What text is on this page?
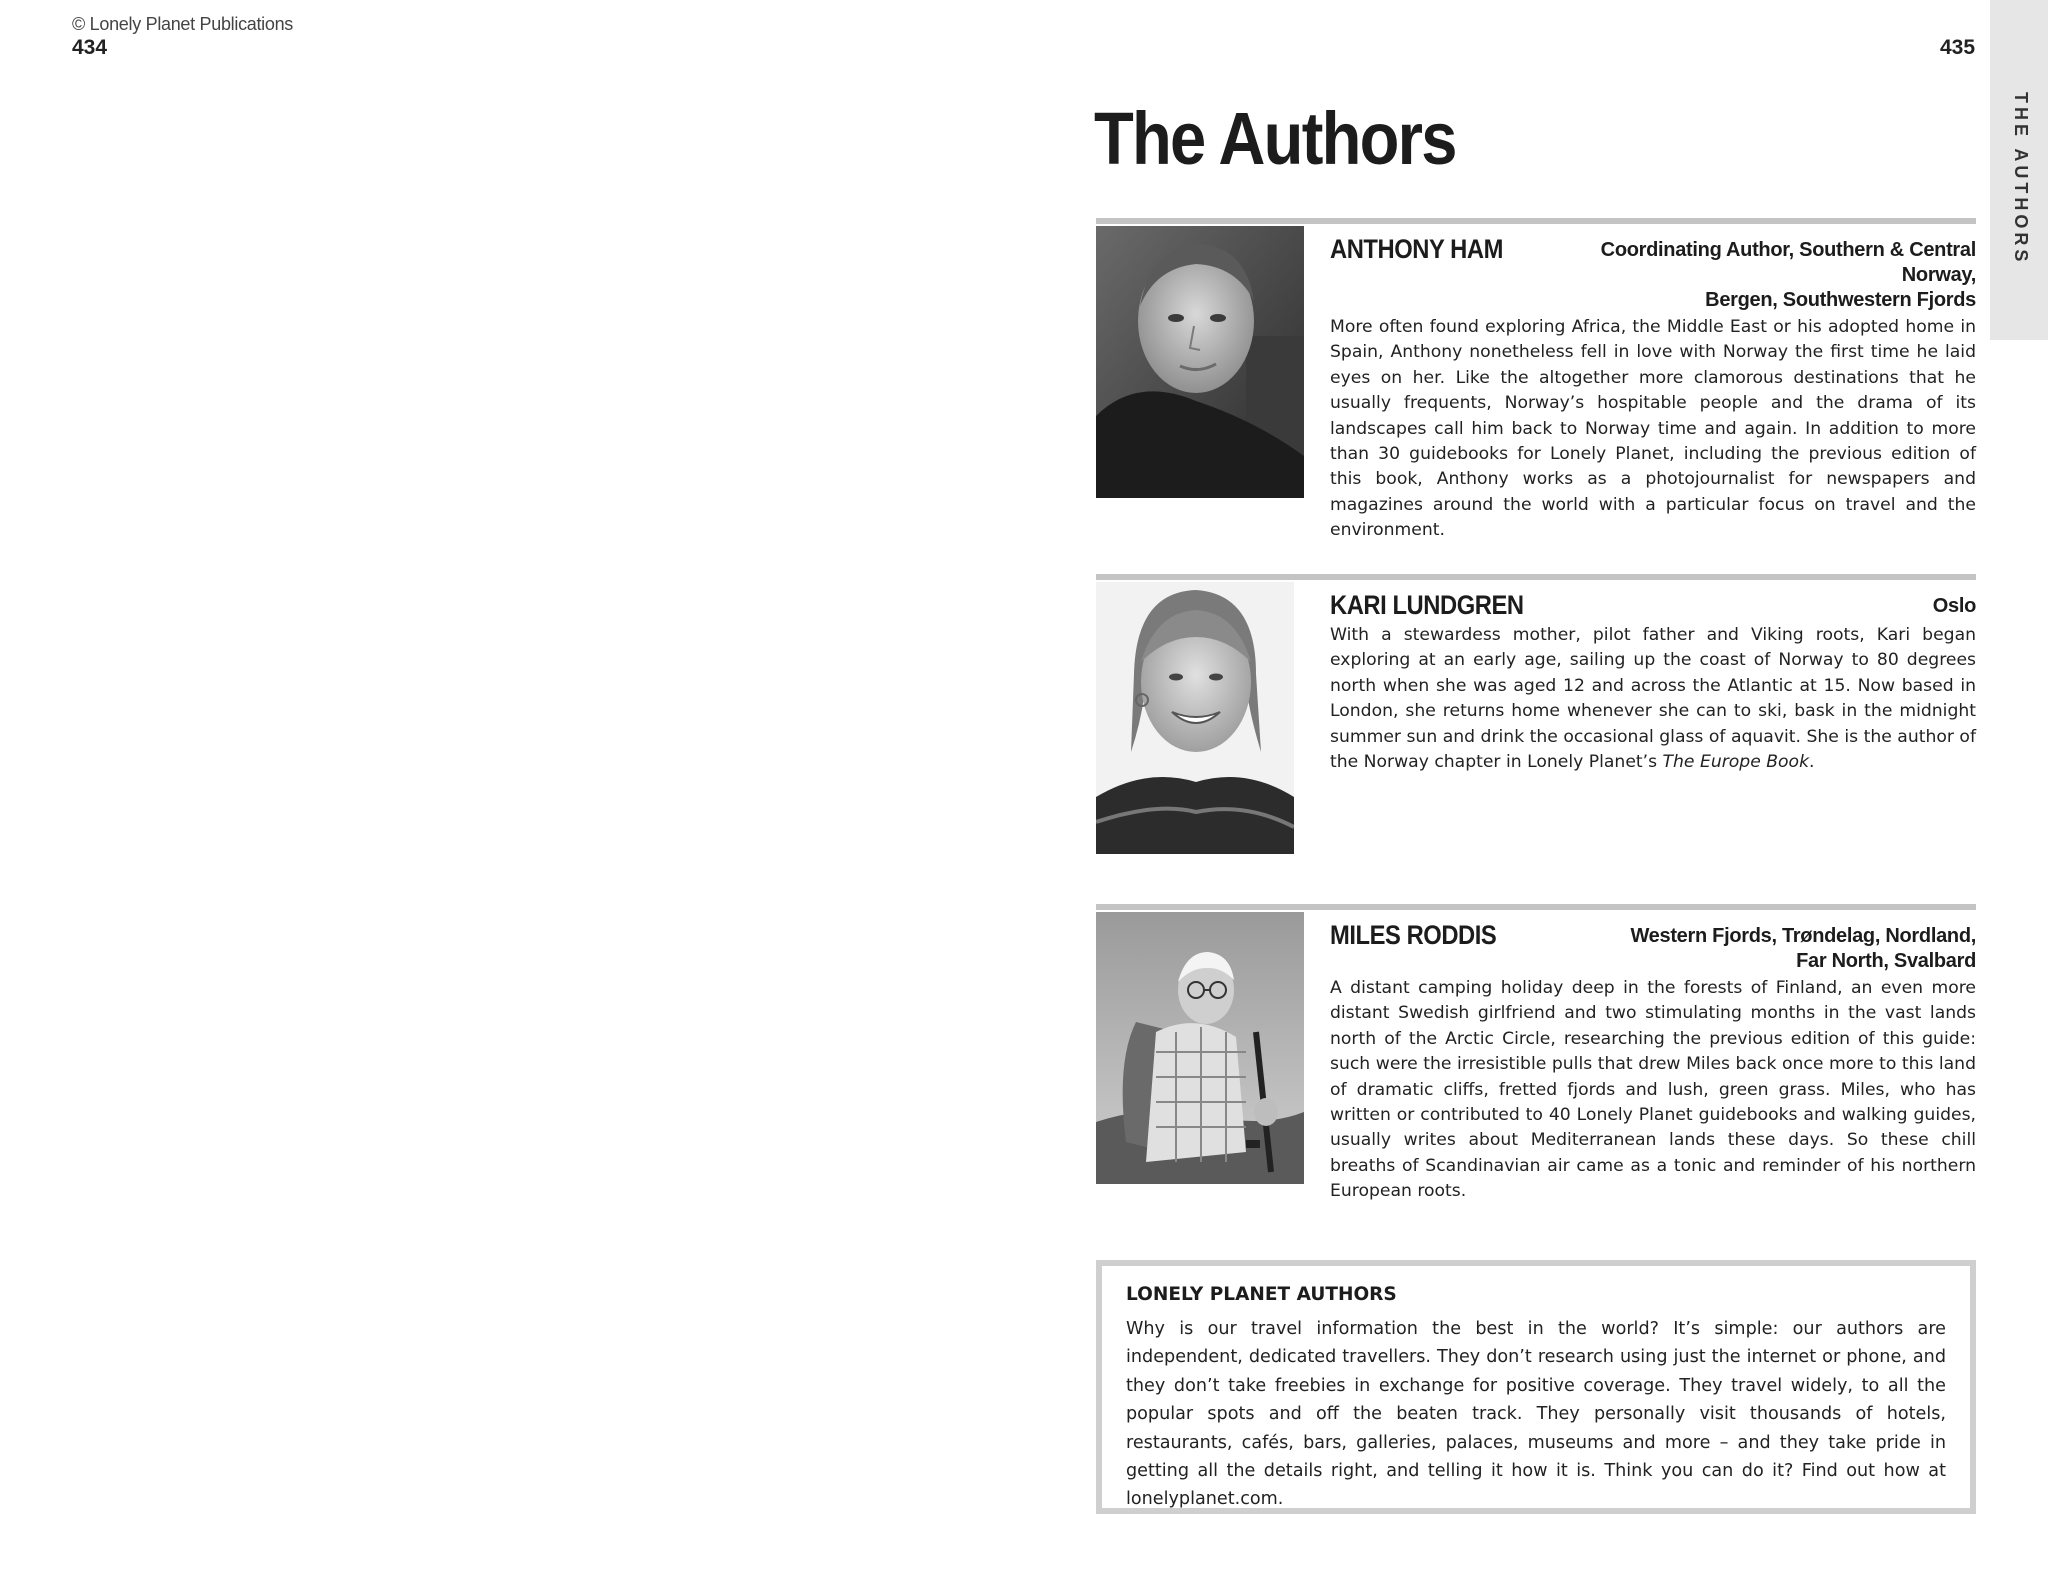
© Lonely Planet Publications
434	435
THE AUTHORS
The Authors
ANTHONY HAM	Coordinating Author, Southern & Central Norway,
Bergen, Southwestern Fjords

More often found exploring Africa, the Middle East or his adopted home in Spain, Anthony nonetheless fell in love with Norway the first time he laid eyes on her. Like the altogether more clamorous destinations that he usually frequents, Norway’s hospitable people and the drama of its landscapes call him back to Norway time and again. In addition to more than 30 guidebooks for Lonely Planet, including the previous edition of this book, Anthony works as a photojournalist for newspapers and magazines around the world with a particular focus on travel and the environment.

KARI LUNDGREN	Oslo

With a stewardess mother, pilot father and Viking roots, Kari began exploring at an early age, sailing up the coast of Norway to 80 degrees north when she was aged 12 and across the Atlantic at 15. Now based in London, she returns home whenever she can to ski, bask in the midnight summer sun and drink the occasional glass of aquavit. She is the author of the Norway chapter in Lonely Planet’s The Europe Book.

MILES RODDIS	Western Fjords, Trøndelag, Nordland,
Far North, Svalbard

A distant camping holiday deep in the forests of Finland, an even more distant Swedish girlfriend and two stimulating months in the vast lands north of the Arctic Circle, researching the previous edition of this guide: such were the irresistible pulls that drew Miles back once more to this land of dramatic cliffs, fretted fjords and lush, green grass. Miles, who has written or contributed to 40 Lonely Planet guidebooks and walking guides, usually writes about Mediterranean lands these days. So these chill breaths of Scandinavian air came as a tonic and reminder of his northern European roots.

LONELY PLANET AUTHORS

Why is our travel information the best in the world? It’s simple: our authors are independent, dedicated travellers. They don’t research using just the internet or phone, and they don’t take freebies in exchange for positive coverage. They travel widely, to all the popular spots and off the beaten track. They personally visit thousands of hotels, restaurants, cafés, bars, galleries, palaces, museums and more – and they take pride in getting all the details right, and telling it how it is. Think you can do it? Find out how at lonelyplanet.com.
